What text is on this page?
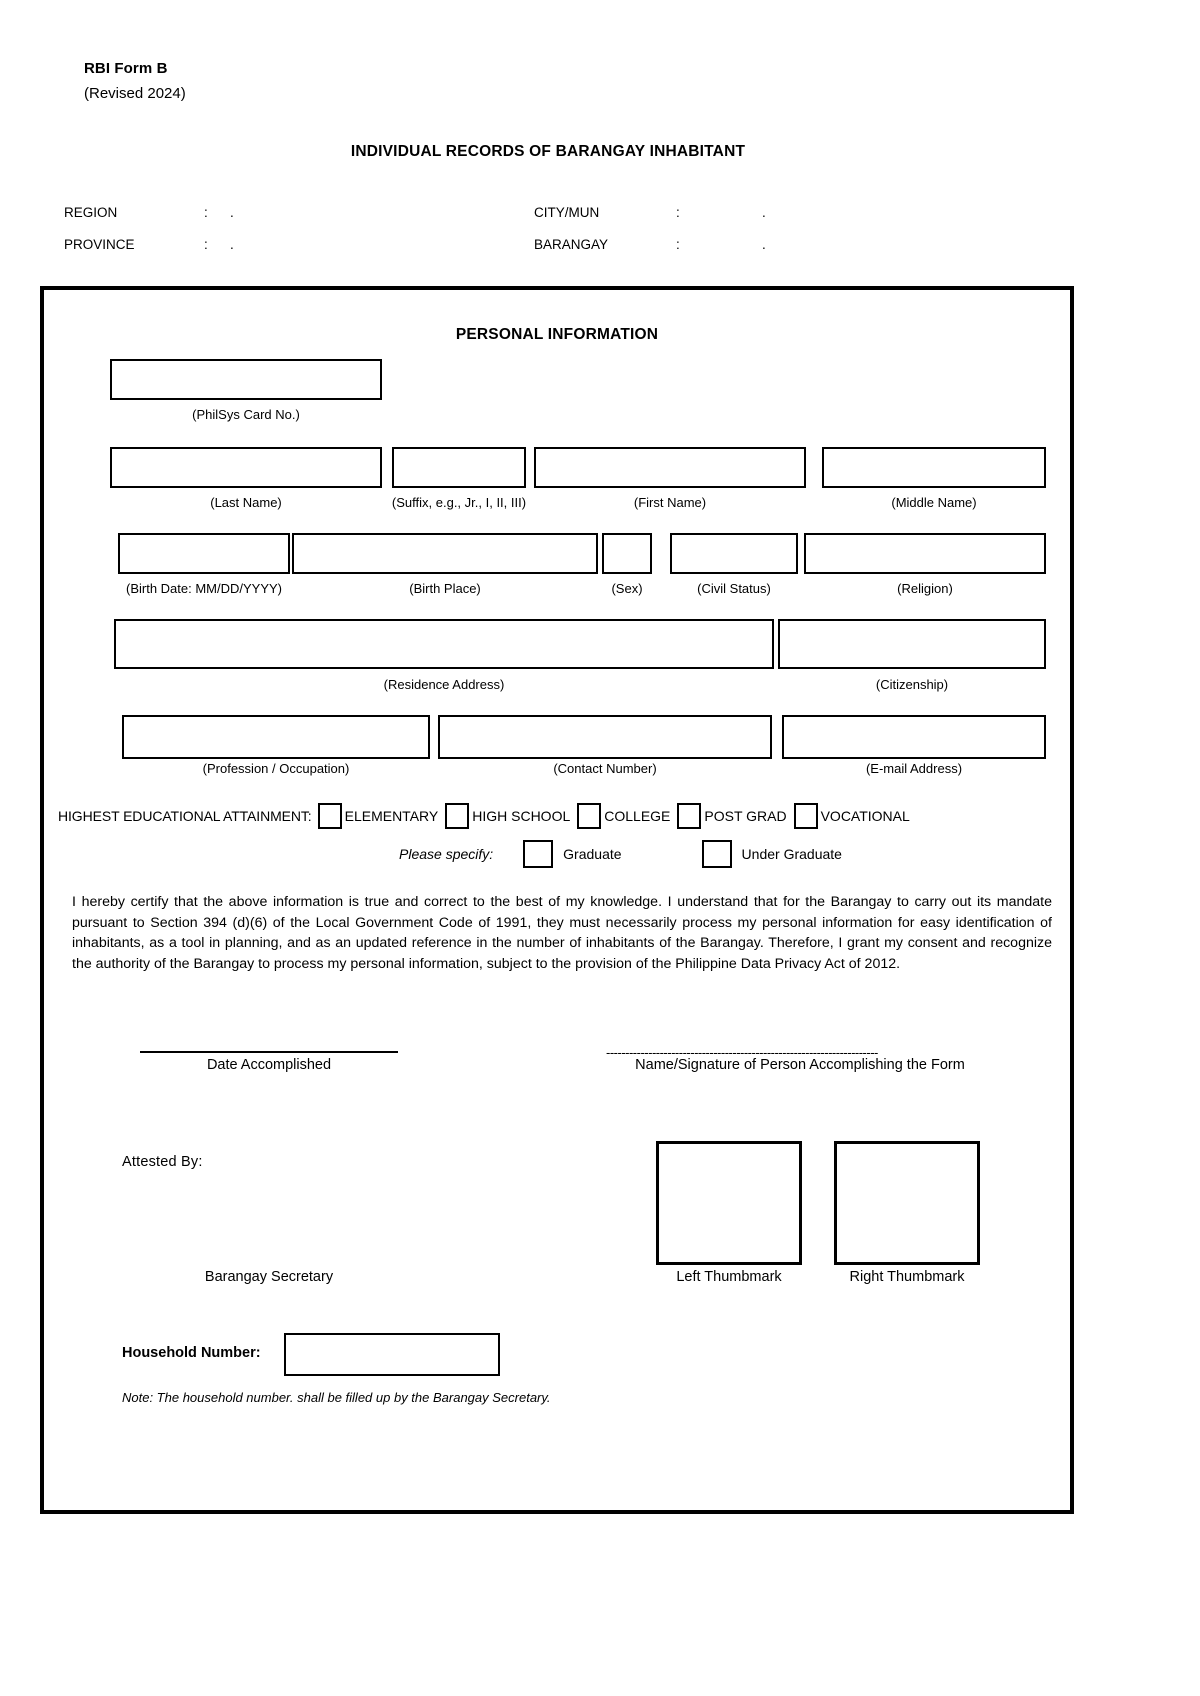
RBI Form B
(Revised 2024)
INDIVIDUAL RECORDS OF BARANGAY INHABITANT
REGION	: .
PROVINCE	: .
CITY/MUN	:	.
BARANGAY	:	.
PERSONAL INFORMATION
(PhilSys Card No.)
(Last Name)	(Suffix, e.g., Jr., I, II, III)	(First Name)	(Middle Name)
(Birth Date: MM/DD/YYYY)	(Birth Place)	(Sex)	(Civil Status)	(Religion)
(Residence Address)	(Citizenship)
(Profession / Occupation)	(Contact Number)	(E-mail Address)
HIGHEST EDUCATIONAL ATTAINMENT: ELEMENTARY HIGH SCHOOL COLLEGE POST GRAD VOCATIONAL
Please specify:	Graduate	Under Graduate
I hereby certify that the above information is true and correct to the best of my knowledge. I understand that for the Barangay to carry out its mandate pursuant to Section 394 (d)(6) of the Local Government Code of 1991, they must necessarily process my personal information for easy identification of inhabitants, as a tool in planning, and as an updated reference in the number of inhabitants of the Barangay. Therefore, I grant my consent and recognize the authority of the Barangay to process my personal information, subject to the provision of the Philippine Data Privacy Act of 2012.
Date Accomplished
-----------------------------------------------------------------------
Name/Signature of Person Accomplishing the Form
Attested By:
Barangay Secretary	Left Thumbmark	Right Thumbmark
Household Number:
Note: The household number. shall be filled up by the Barangay Secretary.
